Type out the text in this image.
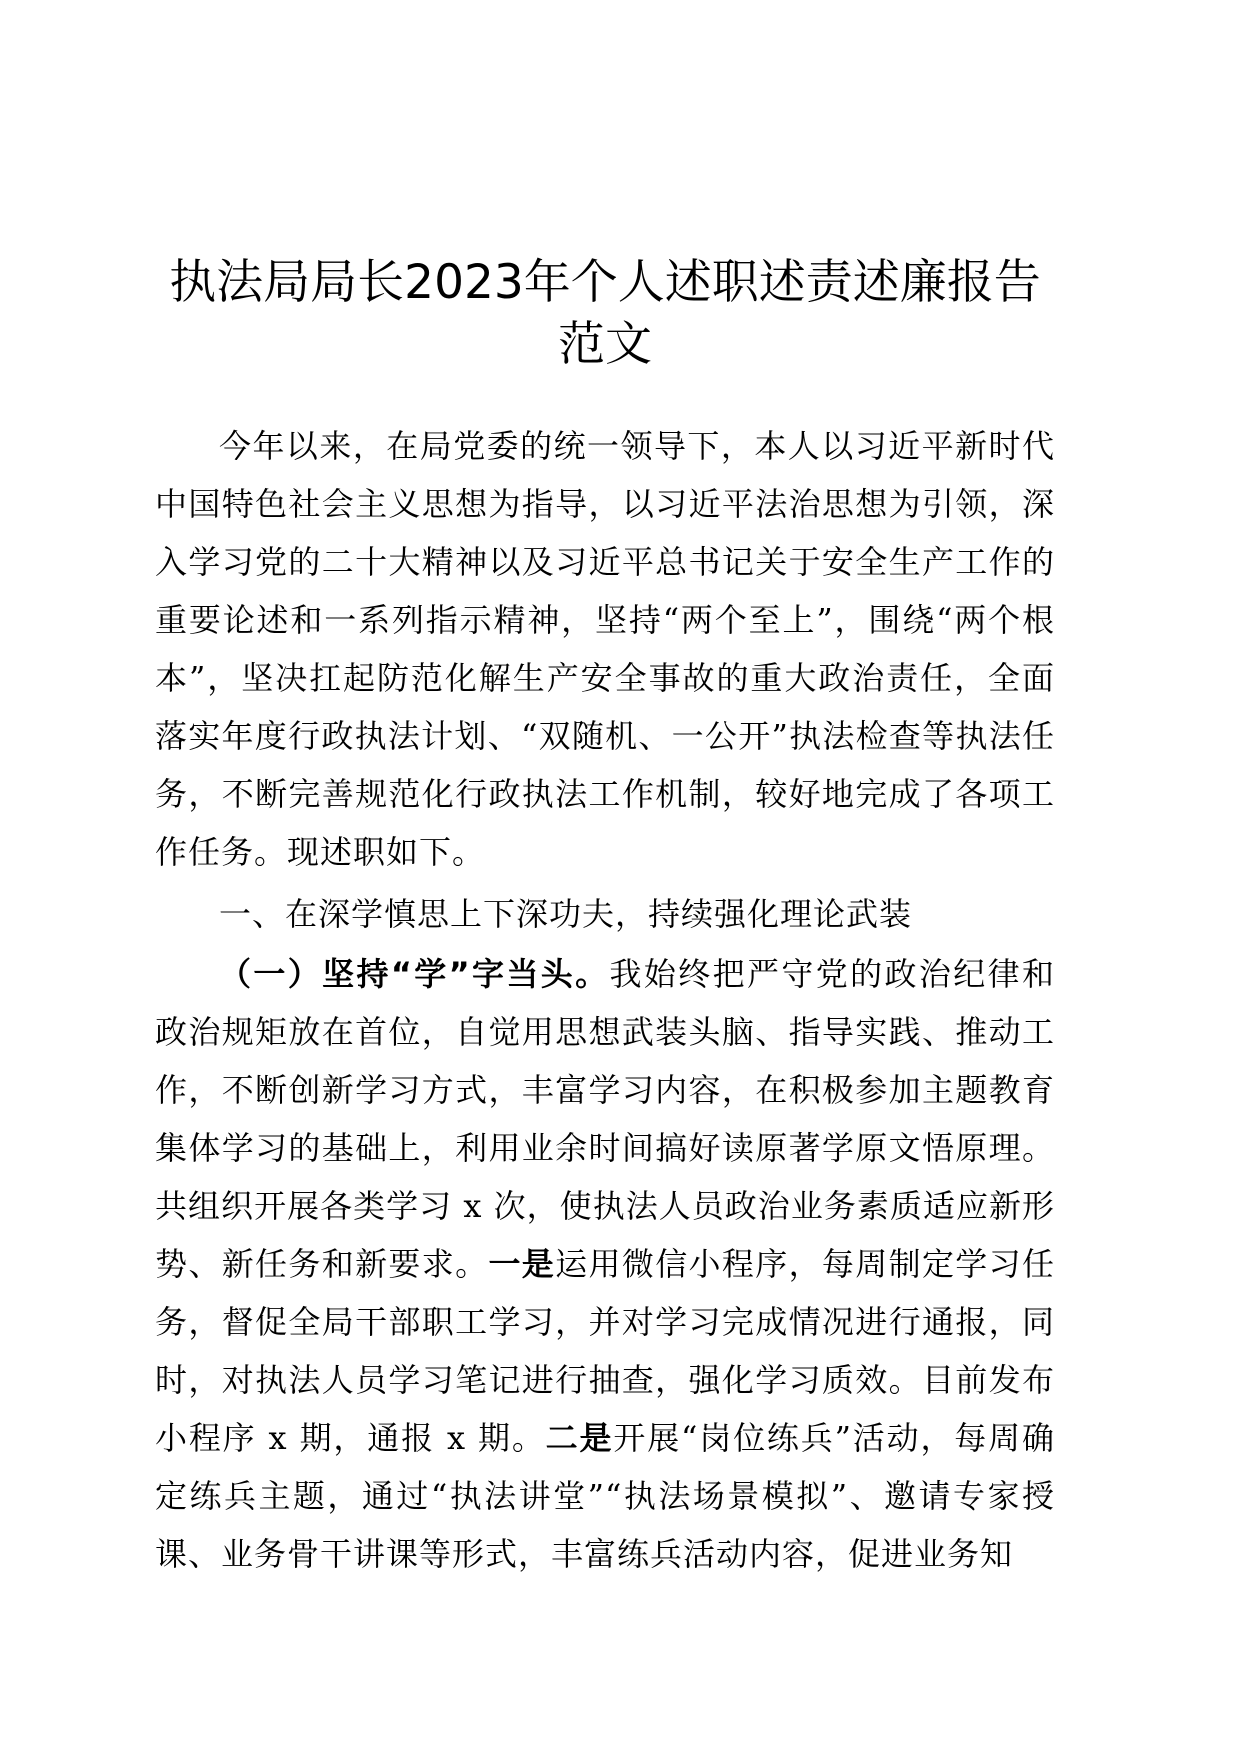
执法局局长2023年个人述职述责述廉报告范文

今年以来，在局党委的统一领导下，本人以习近平新时代中国特色社会主义思想为指导，以习近平法治思想为引领，深入学习党的二十大精神以及习近平总书记关于安全生产工作的重要论述和一系列指示精神，坚持“两个至上”，围绕“两个根本”，坚决扛起防范化解生产安全事故的重大政治责任，全面落实年度行政执法计划、“双随机、一公开”执法检查等执法任务，不断完善规范化行政执法工作机制，较好地完成了各项工作任务。现述职如下。

一、在深学慎思上下深功夫，持续强化理论武装

（一）坚持“学”字当头。我始终把严守党的政治纪律和政治规矩放在首位，自觉用思想武装头脑、指导实践、推动工作，不断创新学习方式，丰富学习内容，在积极参加主题教育集体学习的基础上，利用业余时间搞好读原著学原文悟原理。共组织开展各类学习 x 次，使执法人员政治业务素质适应新形势、新任务和新要求。一是运用微信小程序，每周制定学习任务，督促全局干部职工学习，并对学习完成情况进行通报，同时，对执法人员学习笔记进行抽查，强化学习质效。目前发布小程序 x 期，通报 x 期。二是开展“岗位练兵”活动，每周确定练兵主题，通过“执法讲堂”“执法场景模拟”、邀请专家授课、业务骨干讲课等形式，丰富练兵活动内容，促进业务知
